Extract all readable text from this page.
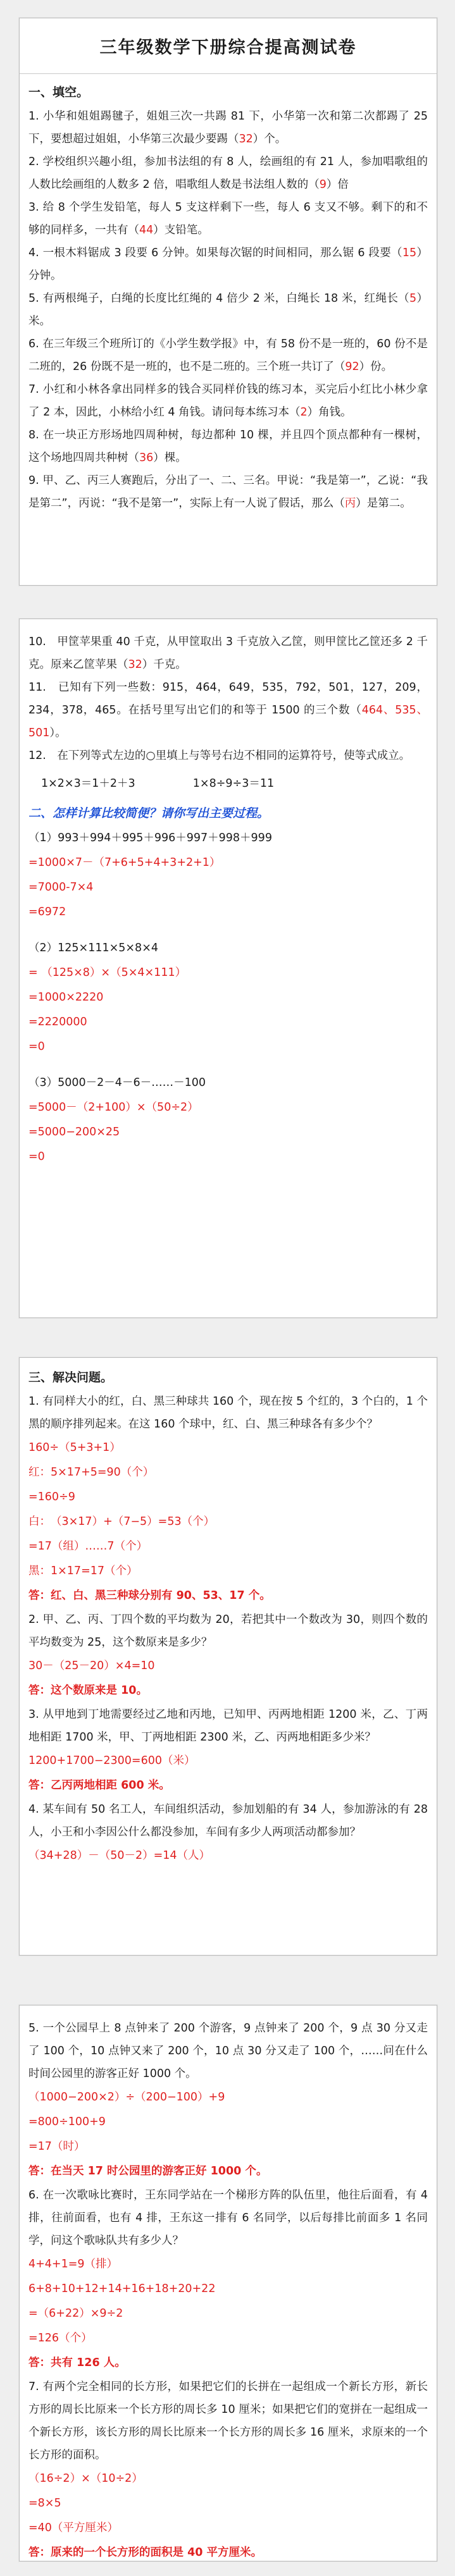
三年级数学下册综合提高测试卷
一、填空。

1. 小华和姐姐踢毽子，姐姐三次一共踢 81 下，小华第一次和第二次都踢了 25 下，要想超过姐姐，小华第三次最少要踢（32）个。

2. 学校组织兴趣小组，参加书法组的有 8 人，绘画组的有 21 人，参加唱歌组的人数比绘画组的人数多 2 倍，唱歌组人数是书法组人数的（9）倍

3. 给 8 个学生发铅笔，每人 5 支这样剩下一些，每人 6 支又不够。剩下的和不够的同样多，一共有（44）支铅笔。

4. 一根木料锯成 3 段要 6 分钟。如果每次锯的时间相同，那么锯 6 段要（15）分钟。

5. 有两根绳子，白绳的长度比红绳的 4 倍少 2 米，白绳长 18 米，红绳长（5）米。

6. 在三年级三个班所订的《小学生数学报》中，有 58 份不是一班的，60 份不是二班的，26 份既不是一班的，也不是二班的。三个班一共订了（92）份。

7. 小红和小林各拿出同样多的钱合买同样价钱的练习本，买完后小红比小林少拿了 2 本，因此，小林给小红 4 角钱。请问每本练习本（2）角钱。

8. 在一块正方形场地四周种树，每边都种 10 棵，并且四个顶点都种有一棵树，这个场地四周共种树（36）棵。

9. 甲、乙、丙三人赛跑后，分出了一、二、三名。甲说：“我是第一”，乙说：“我是第二”，丙说：“我不是第一”，实际上有一人说了假话，那么（丙）是第二。

10.　甲筐苹果重 40 千克，从甲筐取出 3 千克放入乙筐，则甲筐比乙筐还多 2 千克。原来乙筐苹果（32）千克。

11.　已知有下列一些数：915，464，649，535，792，501，127，209，234，378，465。在括号里写出它们的和等于 1500 的三个数（464、535、501）。

12.　在下列等式左边的○里填上与等号右边不相同的运算符号，使等式成立。

1×2×3＝1＋2＋3	1×8÷9÷3＝11
二、怎样计算比较简便？请你写出主要过程。

（1）993＋994＋995＋996＋997＋998＋999

=1000×7－（7+6+5+4+3+2+1）

=7000-7×4

=6972

（2）125×111×5×8×4

= （125×8）×（5×4×111）

=1000×2220

=2220000

=0

（3）5000－2－4－6－……－100

=5000－（2+100）×（50÷2）

=5000−200×25

=0

三、解决问题。

1. 有同样大小的红，白、黑三种球共 160 个，现在按 5 个红的，3 个白的，1 个黑的顺序排列起来。在这 160 个球中，红、白、黑三种球各有多少个？

160÷（5+3+1）

红：5×17+5=90（个）

=160÷9

白：　（3×17）+（7−5）=53（个）

=17（组）……7（个）

黑：1×17=17（个）

答：红、白、黑三种球分别有 90、53、17 个。

2. 甲、乙、丙、丁四个数的平均数为 20，若把其中一个数改为 30，则四个数的平均数变为 25，这个数原来是多少？

30－（25－20）×4=10

答：这个数原来是 10。

3. 从甲地到丁地需要经过乙地和丙地，已知甲、丙两地相距 1200 米，乙、丁两地相距 1700 米，甲、丁两地相距 2300 米，乙、丙两地相距多少米？

1200+1700−2300=600（米）

答：乙丙两地相距 600 米。

4. 某车间有 50 名工人，车间组织活动，参加划船的有 34 人，参加游泳的有 28 人，小王和小李因公什么都没参加，车间有多少人两项活动都参加？

（34+28）－（50－2）=14（人）

5. 一个公园早上 8 点钟来了 200 个游客，9 点钟来了 200 个，9 点 30 分又走了 100 个，10 点钟又来了 200 个，10 点 30 分又走了 100 个，……问在什么时间公园里的游客正好 1000 个。

（1000−200×2）÷（200−100）+9

=800÷100+9

=17（时）

答：在当天 17 时公园里的游客正好 1000 个。

6. 在一次歌咏比赛时，王东同学站在一个梯形方阵的队伍里，他往后面看，有 4 排，往前面看，也有 4 排，王东这一排有 6 名同学，以后每排比前面多 1 名同学，问这个歌咏队共有多少人？

4+4+1=9（排）

6+8+10+12+14+16+18+20+22

=（6+22）×9÷2

=126（个）

答：共有 126 人。

7. 有两个完全相同的长方形，如果把它们的长拼在一起组成一个新长方形，新长方形的周长比原来一个长方形的周长多 10 厘米；如果把它们的宽拼在一起组成一个新长方形，该长方形的周长比原来一个长方形的周长多 16 厘米，求原来的一个长方形的面积。

（16÷2）×（10÷2）

=8×5

=40（平方厘米）

答：原来的一个长方形的面积是 40 平方厘米。
